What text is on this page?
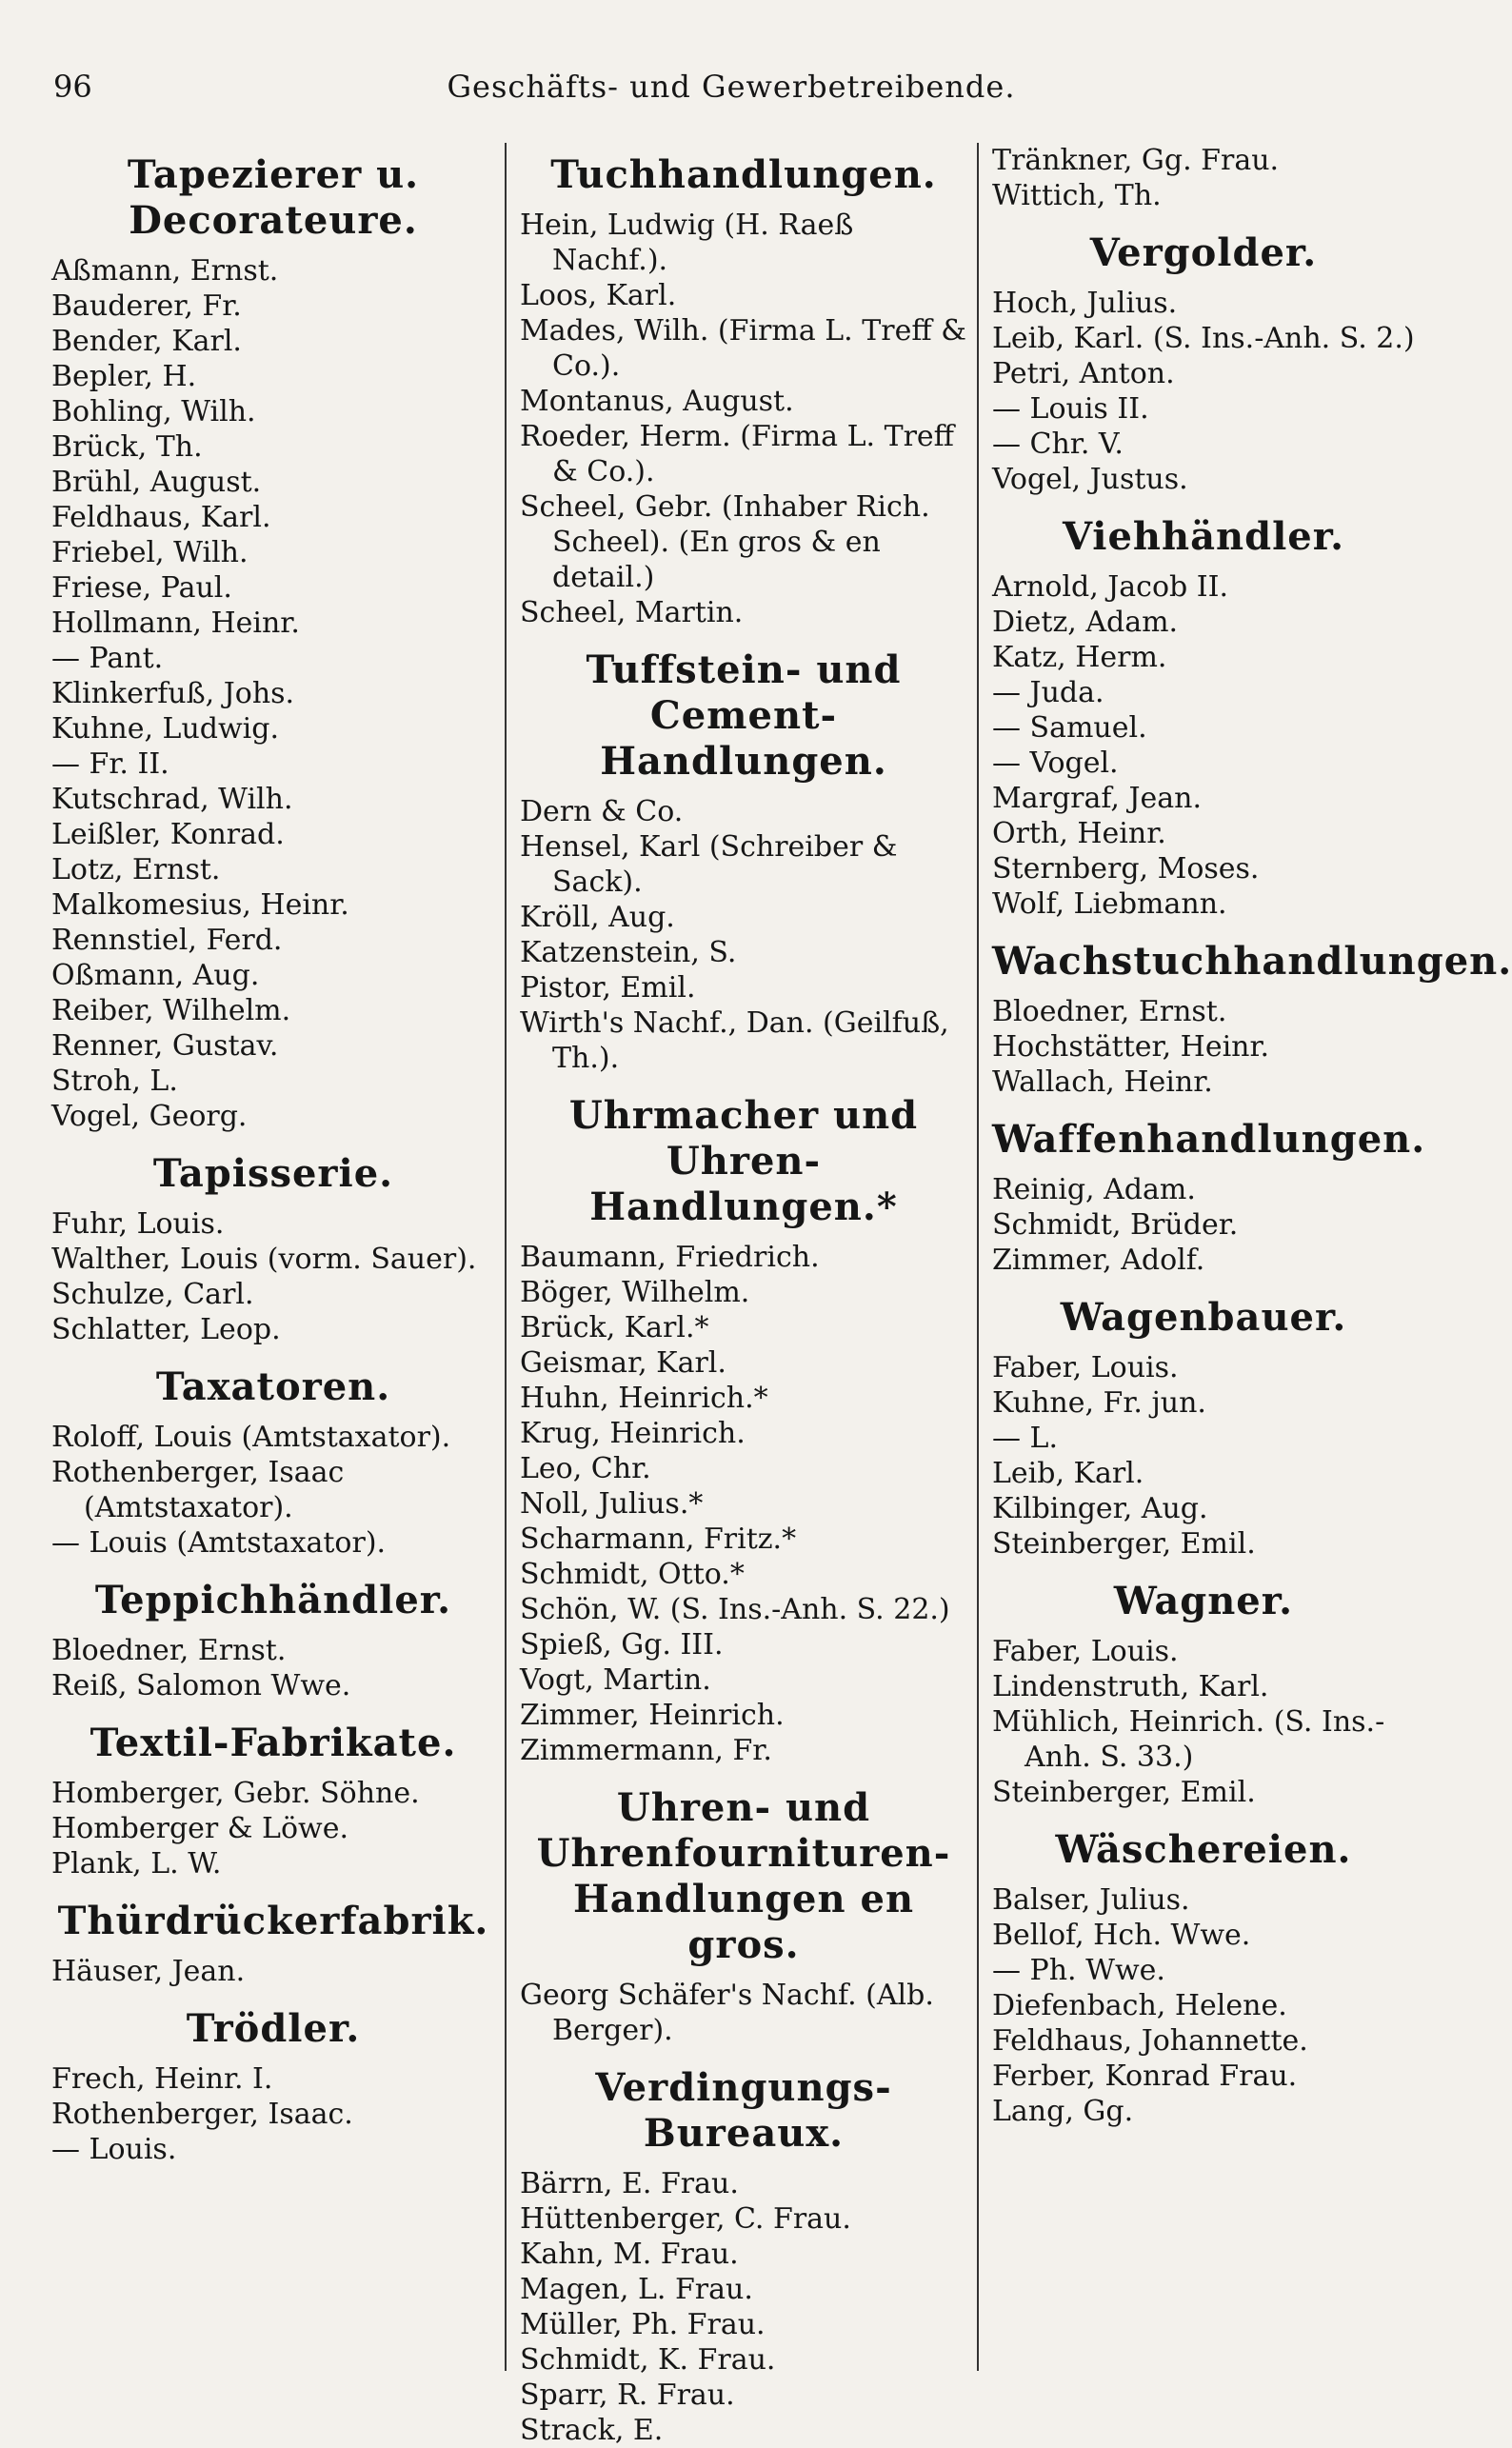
96	Geschäfts- und Gewerbetreibende.
Tapezierer u. Decorateure.
Aßmann, Ernst.
Bauderer, Fr.
Bender, Karl.
Bepler, H.
Bohling, Wilh.
Brück, Th.
Brühl, August.
Feldhaus, Karl.
Friebel, Wilh.
Friese, Paul.
Hollmann, Heinr.
— Pant.
Klinkerfuß, Johs.
Kuhne, Ludwig.
— Fr. II.
Kutschrad, Wilh.
Leißler, Konrad.
Lotz, Ernst.
Malkomesius, Heinr.
Rennstiel, Ferd.
Oßmann, Aug.
Reiber, Wilhelm.
Renner, Gustav.
Stroh, L.
Vogel, Georg.
Tapisserie.
Fuhr, Louis.
Walther, Louis (vorm. Sauer).
Schulze, Carl.
Schlatter, Leop.
Taxatoren.
Roloff, Louis (Amtstaxator).
Rothenberger, Isaac (Amtstaxator).
— Louis (Amtstaxator).
Teppichhändler.
Bloedner, Ernst.
Reiß, Salomon Wwe.
Textil-Fabrikate.
Homberger, Gebr. Söhne.
Homberger & Löwe.
Plank, L. W.
Thürdrückerfabrik.
Häuser, Jean.
Trödler.
Frech, Heinr. I.
Rothenberger, Isaac.
— Louis.
Tuchhandlungen.
Hein, Ludwig (H. Raeß Nachf.).
Loos, Karl.
Mades, Wilh. (Firma L. Treff & Co.).
Montanus, August.
Roeder, Herm. (Firma L. Treff & Co.).
Scheel, Gebr. (Inhaber Rich. Scheel). (En gros & en detail.)
Scheel, Martin.
Tuffstein- und Cement-Handlungen.
Dern & Co.
Hensel, Karl (Schreiber & Sack).
Kröll, Aug.
Katzenstein, S.
Pistor, Emil.
Wirth's Nachf., Dan. (Geilfuß, Th.).
Uhrmacher und Uhren-Handlungen.*
Baumann, Friedrich.
Böger, Wilhelm.
Brück, Karl.*
Geismar, Karl.
Huhn, Heinrich.*
Krug, Heinrich.
Leo, Chr.
Noll, Julius.*
Scharmann, Fritz.*
Schmidt, Otto.*
Schön, W. (S. Ins.-Anh. S. 22.)
Spieß, Gg. III.
Vogt, Martin.
Zimmer, Heinrich.
Zimmermann, Fr.
Uhren- und Uhrenfournituren-Handlungen en gros.
Georg Schäfer's Nachf. (Alb. Berger).
Verdingungs-Bureaux.
Bärrn, E. Frau.
Hüttenberger, C. Frau.
Kahn, M. Frau.
Magen, L. Frau.
Müller, Ph. Frau.
Schmidt, K. Frau.
Sparr, R. Frau.
Strack, E.
Tränkner, Gg. Frau.
Wittich, Th.
Vergolder.
Hoch, Julius.
Leib, Karl. (S. Ins.-Anh. S. 2.)
Petri, Anton.
— Louis II.
— Chr. V.
Vogel, Justus.
Viehhändler.
Arnold, Jacob II.
Dietz, Adam.
Katz, Herm.
— Juda.
— Samuel.
— Vogel.
Margraf, Jean.
Orth, Heinr.
Sternberg, Moses.
Wolf, Liebmann.
Wachstuchhandlungen.
Bloedner, Ernst.
Hochstätter, Heinr.
Wallach, Heinr.
Waffenhandlungen.
Reinig, Adam.
Schmidt, Brüder.
Zimmer, Adolf.
Wagenbauer.
Faber, Louis.
Kuhne, Fr. jun.
— L.
Leib, Karl.
Kilbinger, Aug.
Steinberger, Emil.
Wagner.
Faber, Louis.
Lindenstruth, Karl.
Mühlich, Heinrich. (S. Ins.-Anh. S. 33.)
Steinberger, Emil.
Wäschereien.
Balser, Julius.
Bellof, Hch. Wwe.
— Ph. Wwe.
Diefenbach, Helene.
Feldhaus, Johannette.
Ferber, Konrad Frau.
Lang, Gg.
